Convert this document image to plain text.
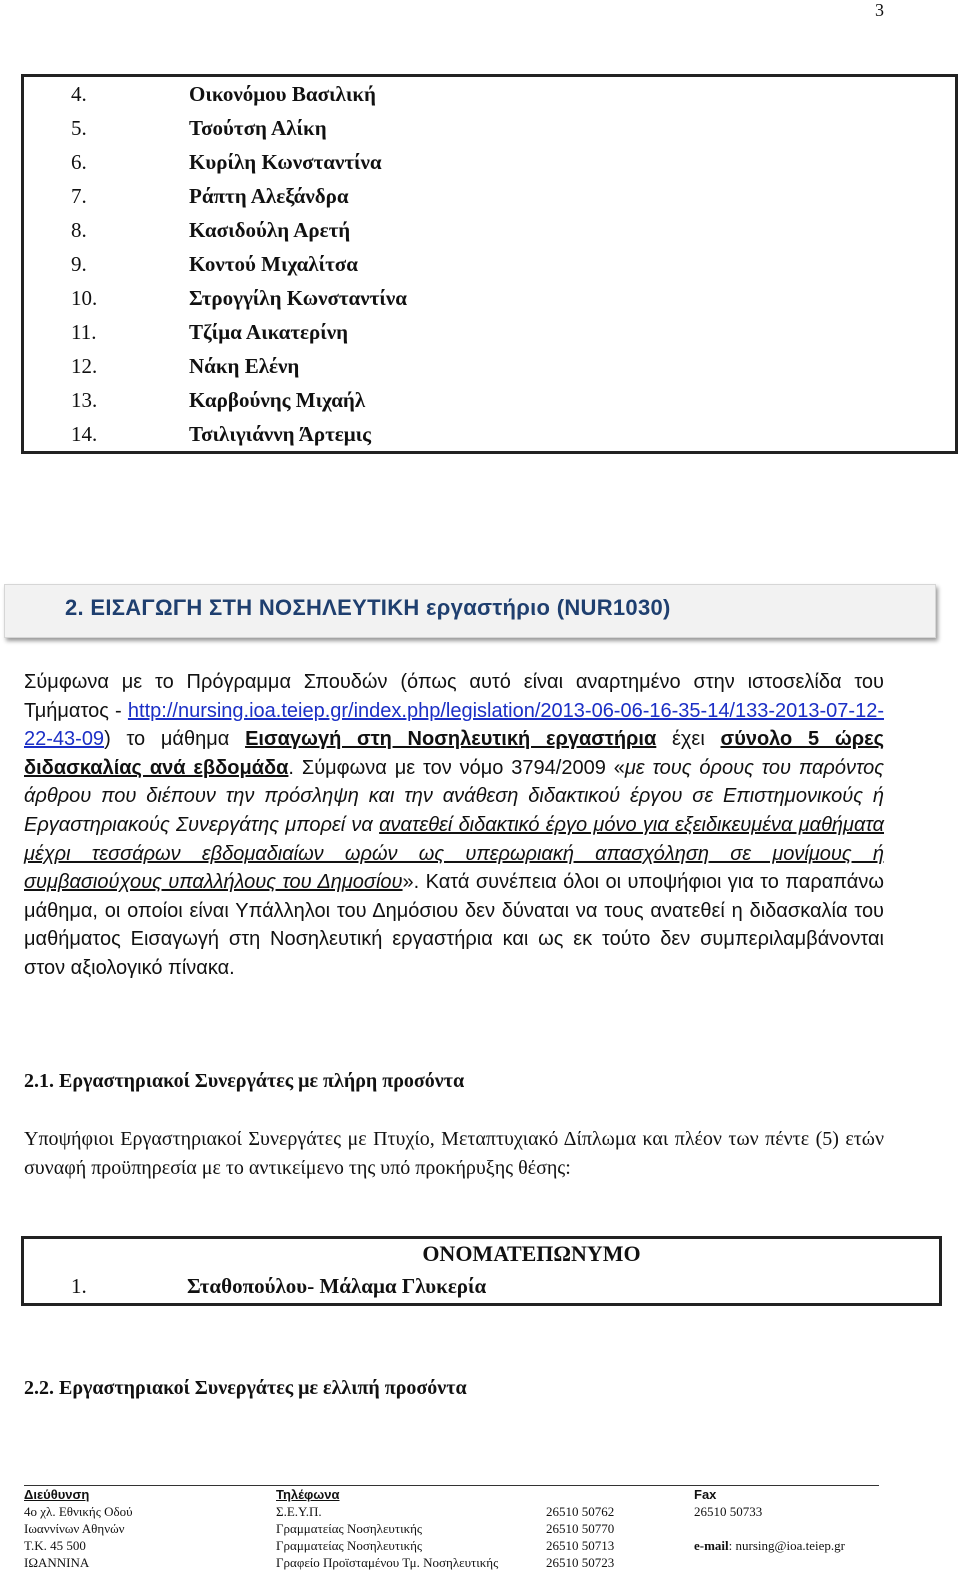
3
4.	Οικονόμου Βασιλική
5.	Τσούτση Αλίκη
6.	Κυρίλη Κωνσταντίνα
7.	Ράπτη Αλεξάνδρα
8.	Κασιδούλη Αρετή
9.	Κοντού Μιχαλίτσα
10.	Στρογγίλη Κωνσταντίνα
11.	Τζίμα Αικατερίνη
12.	Νάκη Ελένη
13.	Καρβούνης Μιχαήλ
14.	Τσιλιγιάννη Άρτεμις
2. ΕΙΣΑΓΩΓΗ ΣΤΗ ΝΟΣΗΛΕΥΤΙΚΗ εργαστήριο (NUR1030)
Σύμφωνα με το Πρόγραμμα Σπουδών (όπως αυτό είναι αναρτημένο στην ιστοσελίδα του Τμήματος - http://nursing.ioa.teiep.gr/index.php/legislation/2013-06-06-16-35-14/133-2013-07-12-22-43-09) το μάθημα Εισαγωγή στη Νοσηλευτική εργαστήρια έχει σύνολο 5 ώρες διδασκαλίας ανά εβδομάδα. Σύμφωνα με τον νόμο 3794/2009 «με τους όρους του παρόντος άρθρου που διέπουν την πρόσληψη και την ανάθεση διδακτικού έργου σε Επιστημονικούς ή Εργαστηριακούς Συνεργάτης μπορεί να ανατεθεί διδακτικό έργο μόνο για εξειδικευμένα μαθήματα μέχρι τεσσάρων εβδομαδιαίων ωρών ως υπερωριακή απασχόληση σε μονίμους ή συμβασιούχους υπαλλήλους του Δημοσίου». Κατά συνέπεια όλοι οι υποψήφιοι για το παραπάνω μάθημα, οι οποίοι είναι Υπάλληλοι του Δημόσιου δεν δύναται να τους ανατεθεί η διδασκαλία του μαθήματος Εισαγωγή στη Νοσηλευτική εργαστήρια και ως εκ τούτο δεν συμπεριλαμβάνονται στον αξιολογικό πίνακα.
2.1. Εργαστηριακοί Συνεργάτες με πλήρη προσόντα
Υποψήφιοι Εργαστηριακοί Συνεργάτες με Πτυχίο, Μεταπτυχιακό Δίπλωμα και πλέον των πέντε (5) ετών συναφή προϋπηρεσία με το αντικείμενο της υπό προκήρυξης θέσης:
ΟΝΟΜΑΤΕΠΩΝΥΜΟ
1.	Σταθοπούλου- Μάλαμα Γλυκερία
2.2. Εργαστηριακοί Συνεργάτες με ελλιπή προσόντα
Διεύθυνση
4ο χλ. Εθνικής Οδού
Ιωαννίνων Αθηνών
Τ.Κ. 45 500
ΙΩΑΝΝΙΝΑ
Τηλέφωνα
Σ.Ε.Υ.Π.
Γραμματείας Νοσηλευτικής
Γραμματείας Νοσηλευτικής
Γραφείο Προϊσταμένου Τμ. Νοσηλευτικής
26510 50762
26510 50770
26510 50713
26510 50723
Fax
26510 50733
e-mail: nursing@ioa.teiep.gr
